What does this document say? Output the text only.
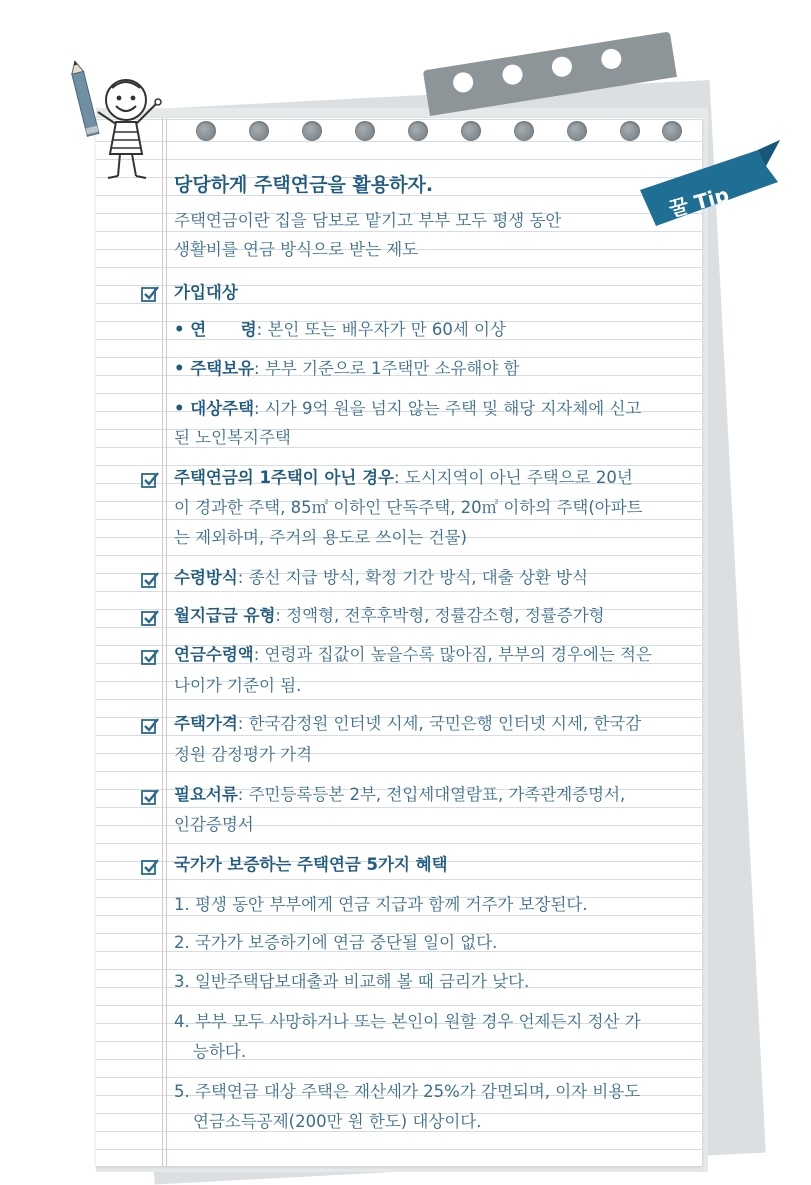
꿀 Tip
당당하게 주택연금을 활용하자.
주택연금이란 집을 담보로 맡기고 부부 모두 평생 동안
생활비를 연금 방식으로 받는 제도
가입대상
• 연      령: 본인 또는 배우자가 만 60세 이상
• 주택보유: 부부 기준으로 1주택만 소유해야 함
• 대상주택: 시가 9억 원을 넘지 않는 주택 및 해당 지자체에 신고
된 노인복지주택
주택연금의 1주택이 아닌 경우: 도시지역이 아닌 주택으로 20년
이 경과한 주택, 85㎡ 이하인 단독주택, 20㎡ 이하의 주택(아파트
는 제외하며, 주거의 용도로 쓰이는 건물)
수령방식: 종신 지급 방식, 확정 기간 방식, 대출 상환 방식
월지급금 유형: 정액형, 전후후박형, 정률감소형, 정률증가형
연금수령액: 연령과 집값이 높을수록 많아짐, 부부의 경우에는 적은
나이가 기준이 됨.
주택가격: 한국감정원 인터넷 시세, 국민은행 인터넷 시세, 한국감
정원 감정평가 가격
필요서류: 주민등록등본 2부, 전입세대열람표, 가족관계증명서,
인감증명서
국가가 보증하는 주택연금 5가지 혜택
1. 평생 동안 부부에게 연금 지급과 함께 거주가 보장된다.
2. 국가가 보증하기에 연금 중단될 일이 없다.
3. 일반주택담보대출과 비교해 볼 때 금리가 낮다.
4. 부부 모두 사망하거나 또는 본인이 원할 경우 언제든지 정산 가
능하다.
5. 주택연금 대상 주택은 재산세가 25%가 감면되며, 이자 비용도
연금소득공제(200만 원 한도) 대상이다.
